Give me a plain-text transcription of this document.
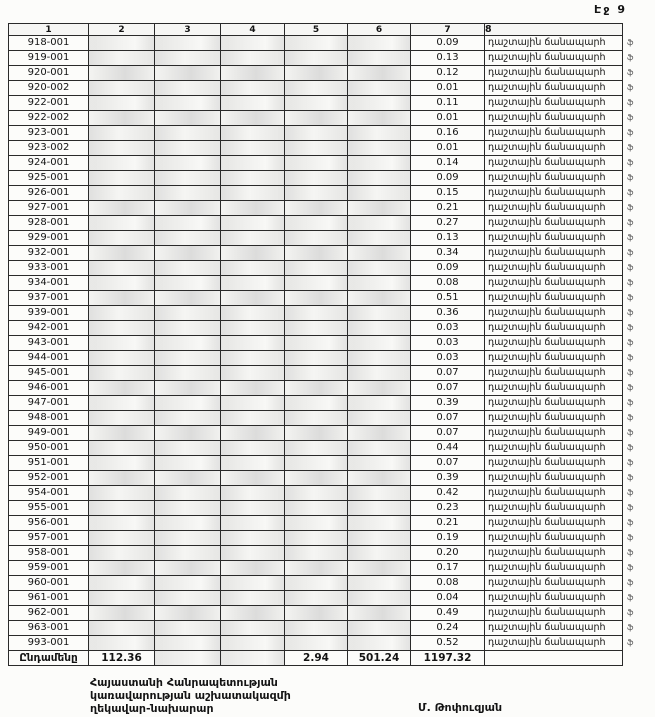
Էջ 9
1	2	3	4	5	6	7	8	
918-001						0.09	դաշտային ճանապարհ	ֆ
919-001						0.13	դաշտային ճանապարհ	ֆ
920-001						0.12	դաշտային ճանապարհ	ֆ
920-002						0.01	դաշտային ճանապարհ	ֆ
922-001						0.11	դաշտային ճանապարհ	ֆ
922-002						0.01	դաշտային ճանապարհ	ֆ
923-001						0.16	դաշտային ճանապարհ	ֆ
923-002						0.01	դաշտային ճանապարհ	ֆ
924-001						0.14	դաշտային ճանապարհ	ֆ
925-001						0.09	դաշտային ճանապարհ	ֆ
926-001						0.15	դաշտային ճանապարհ	ֆ
927-001						0.21	դաշտային ճանապարհ	ֆ
928-001						0.27	դաշտային ճանապարհ	ֆ
929-001						0.13	դաշտային ճանապարհ	ֆ
932-001						0.34	դաշտային ճանապարհ	ֆ
933-001						0.09	դաշտային ճանապարհ	ֆ
934-001						0.08	դաշտային ճանապարհ	ֆ
937-001						0.51	դաշտային ճանապարհ	ֆ
939-001						0.36	դաշտային ճանապարհ	ֆ
942-001						0.03	դաշտային ճանապարհ	ֆ
943-001						0.03	դաշտային ճանապարհ	ֆ
944-001						0.03	դաշտային ճանապարհ	ֆ
945-001						0.07	դաշտային ճանապարհ	ֆ
946-001						0.07	դաշտային ճանապարհ	ֆ
947-001						0.39	դաշտային ճանապարհ	ֆ
948-001						0.07	դաշտային ճանապարհ	ֆ
949-001						0.07	դաշտային ճանապարհ	ֆ
950-001						0.44	դաշտային ճանապարհ	ֆ
951-001						0.07	դաշտային ճանապարհ	ֆ
952-001						0.39	դաշտային ճանապարհ	ֆ
954-001						0.42	դաշտային ճանապարհ	ֆ
955-001						0.23	դաշտային ճանապարհ	ֆ
956-001						0.21	դաշտային ճանապարհ	ֆ
957-001						0.19	դաշտային ճանապարհ	ֆ
958-001						0.20	դաշտային ճանապարհ	ֆ
959-001						0.17	դաշտային ճանապարհ	ֆ
960-001						0.08	դաշտային ճանապարհ	ֆ
961-001						0.04	դաշտային ճանապարհ	ֆ
962-001						0.49	դաշտային ճանապարհ	ֆ
963-001						0.24	դաշտային ճանապարհ	ֆ
993-001						0.52	դաշտային ճանապարհ	ֆ
Ընդամենը	112.36			2.94	501.24	1197.32		
Հայաստանի Հանրապետության
կառավարության աշխատակազմի
ղեկավար-նախարար	Մ. Թոփուզյան
